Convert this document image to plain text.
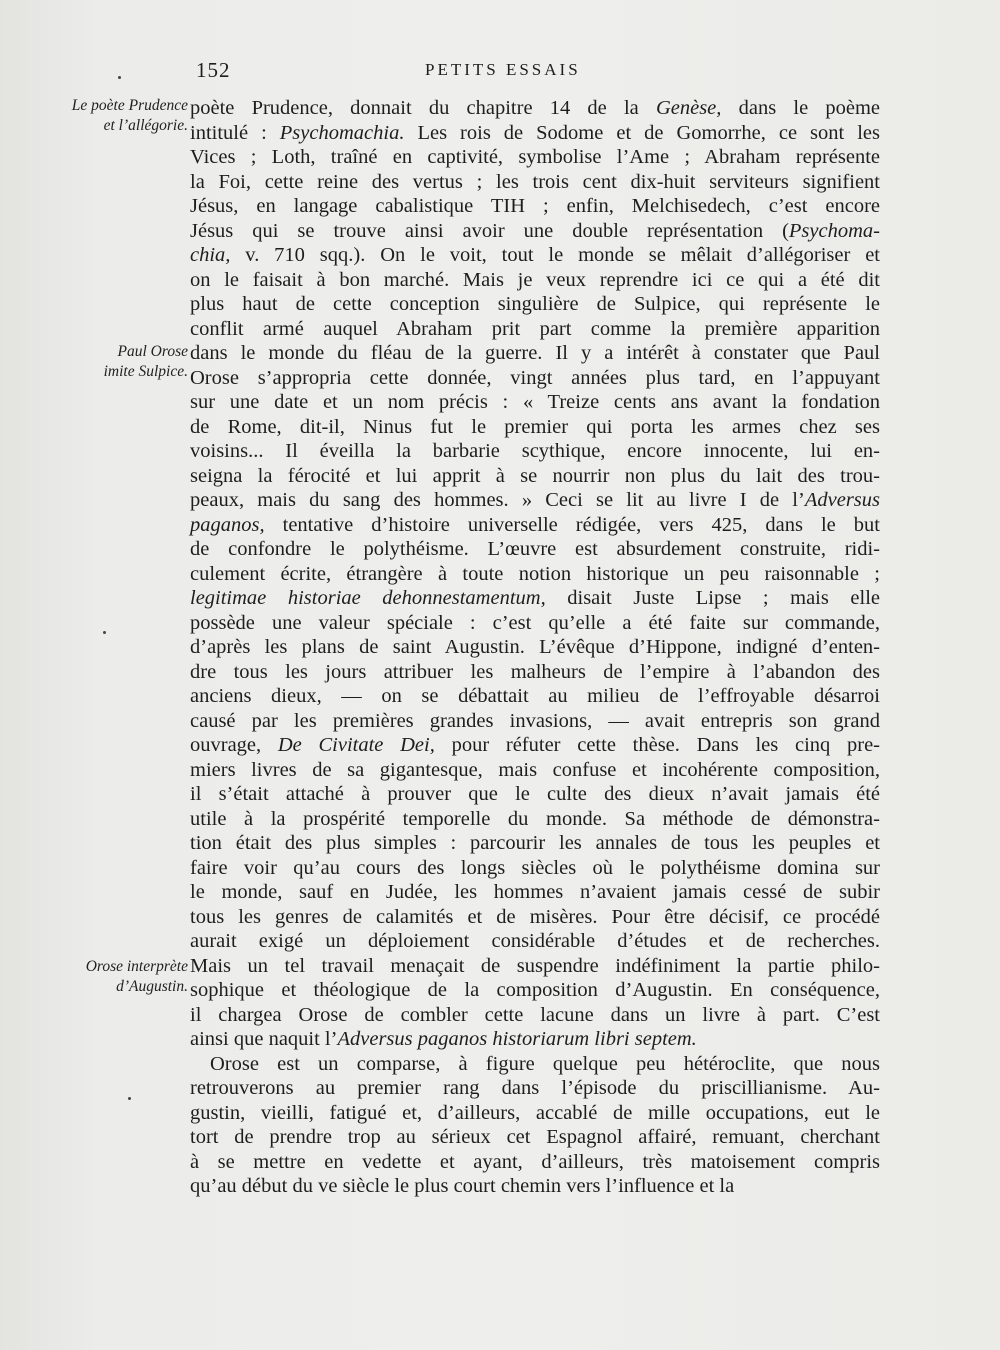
152	PETITS ESSAIS
Le poète Prudence
et l’allégorie.
Paul Orose
imite Sulpice.
Orose interprète
d’Augustin.
poète Prudence, donnait du chapitre 14 de la Genèse, dans le poème
intitulé : Psychomachia. Les rois de Sodome et de Gomorrhe, ce sont les
Vices ; Loth, traîné en captivité, symbolise l’Ame ; Abraham représente
la Foi, cette reine des vertus ; les trois cent dix-huit serviteurs signifient
Jésus, en langage cabalistique TIH ; enfin, Melchisedech, c’est encore
Jésus qui se trouve ainsi avoir une double représentation (Psychoma-
chia, v. 710 sqq.). On le voit, tout le monde se mêlait d’allégoriser et
on le faisait à bon marché. Mais je veux reprendre ici ce qui a été dit
plus haut de cette conception singulière de Sulpice, qui représente le
conflit armé auquel Abraham prit part comme la première apparition
dans le monde du fléau de la guerre. Il y a intérêt à constater que Paul
Orose s’appropria cette donnée, vingt années plus tard, en l’appuyant
sur une date et un nom précis : « Treize cents ans avant la fondation
de Rome, dit-il, Ninus fut le premier qui porta les armes chez ses
voisins... Il éveilla la barbarie scythique, encore innocente, lui en-
seigna la férocité et lui apprit à se nourrir non plus du lait des trou-
peaux, mais du sang des hommes. » Ceci se lit au livre I de l’Adversus
paganos, tentative d’histoire universelle rédigée, vers 425, dans le but
de confondre le polythéisme. L’œuvre est absurdement construite, ridi-
culement écrite, étrangère à toute notion historique un peu raisonnable ;
legitimae historiae dehonnestamentum, disait Juste Lipse ; mais elle
possède une valeur spéciale : c’est qu’elle a été faite sur commande,
d’après les plans de saint Augustin. L’évêque d’Hippone, indigné d’enten-
dre tous les jours attribuer les malheurs de l’empire à l’abandon des
anciens dieux, — on se débattait au milieu de l’effroyable désarroi
causé par les premières grandes invasions, — avait entrepris son grand
ouvrage, De Civitate Dei, pour réfuter cette thèse. Dans les cinq pre-
miers livres de sa gigantesque, mais confuse et incohérente composition,
il s’était attaché à prouver que le culte des dieux n’avait jamais été
utile à la prospérité temporelle du monde. Sa méthode de démonstra-
tion était des plus simples : parcourir les annales de tous les peuples et
faire voir qu’au cours des longs siècles où le polythéisme domina sur
le monde, sauf en Judée, les hommes n’avaient jamais cessé de subir
tous les genres de calamités et de misères. Pour être décisif, ce procédé
aurait exigé un déploiement considérable d’études et de recherches.
Mais un tel travail menaçait de suspendre indéfiniment la partie philo-
sophique et théologique de la composition d’Augustin. En conséquence,
il chargea Orose de combler cette lacune dans un livre à part. C’est
ainsi que naquit l’Adversus paganos historiarum libri septem.
Orose est un comparse, à figure quelque peu hétéroclite, que nous
retrouverons au premier rang dans l’épisode du priscillianisme. Au-
gustin, vieilli, fatigué et, d’ailleurs, accablé de mille occupations, eut le
tort de prendre trop au sérieux cet Espagnol affairé, remuant, cherchant
à se mettre en vedette et ayant, d’ailleurs, très matoisement compris
qu’au début du ve siècle le plus court chemin vers l’influence et la
